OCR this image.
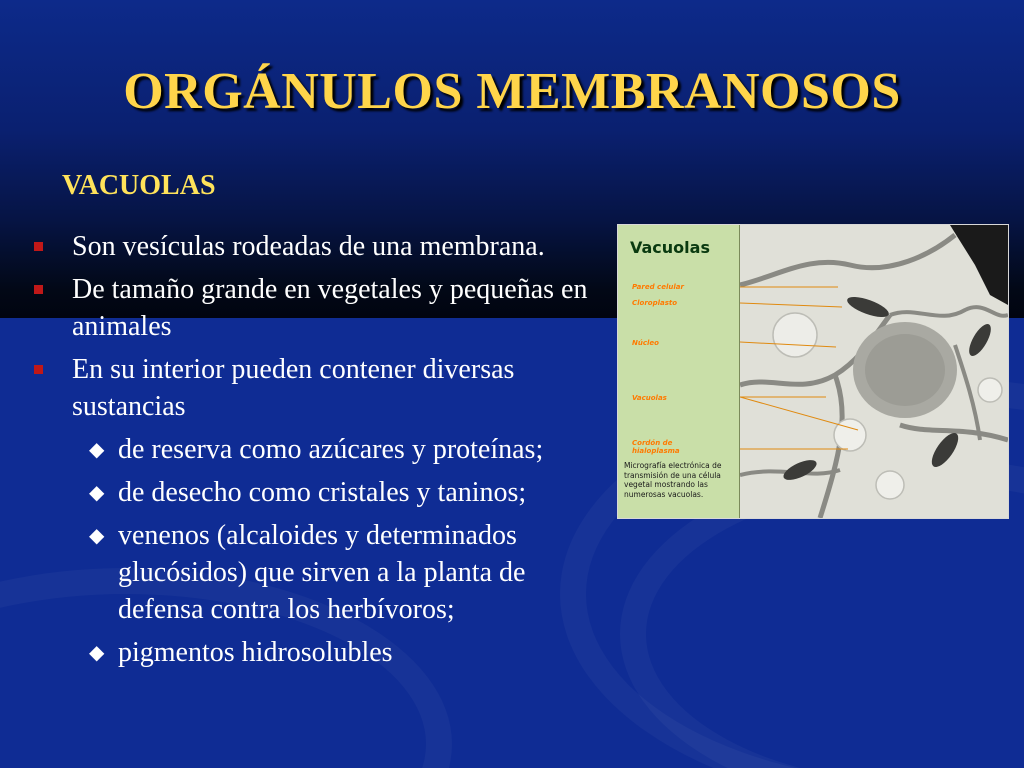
ORGÁNULOS MEMBRANOSOS
VACUOLAS
Son vesículas rodeadas de una membrana.
De tamaño grande en vegetales y pequeñas en animales
En su interior pueden contener diversas sustancias
◆ de reserva como azúcares y proteínas;
◆ de desecho como cristales y taninos;
◆ venenos (alcaloides y determinados glucósidos) que sirven a la planta de defensa contra los herbívoros;
◆ pigmentos hidrosolubles
Vacuolas
Pared celular
Cloroplasto
Núcleo
Vacuolas
Cordón de hialoplasma
Micrografía electrónica de transmisión de una célula vegetal mostrando las numerosas vacuolas.
